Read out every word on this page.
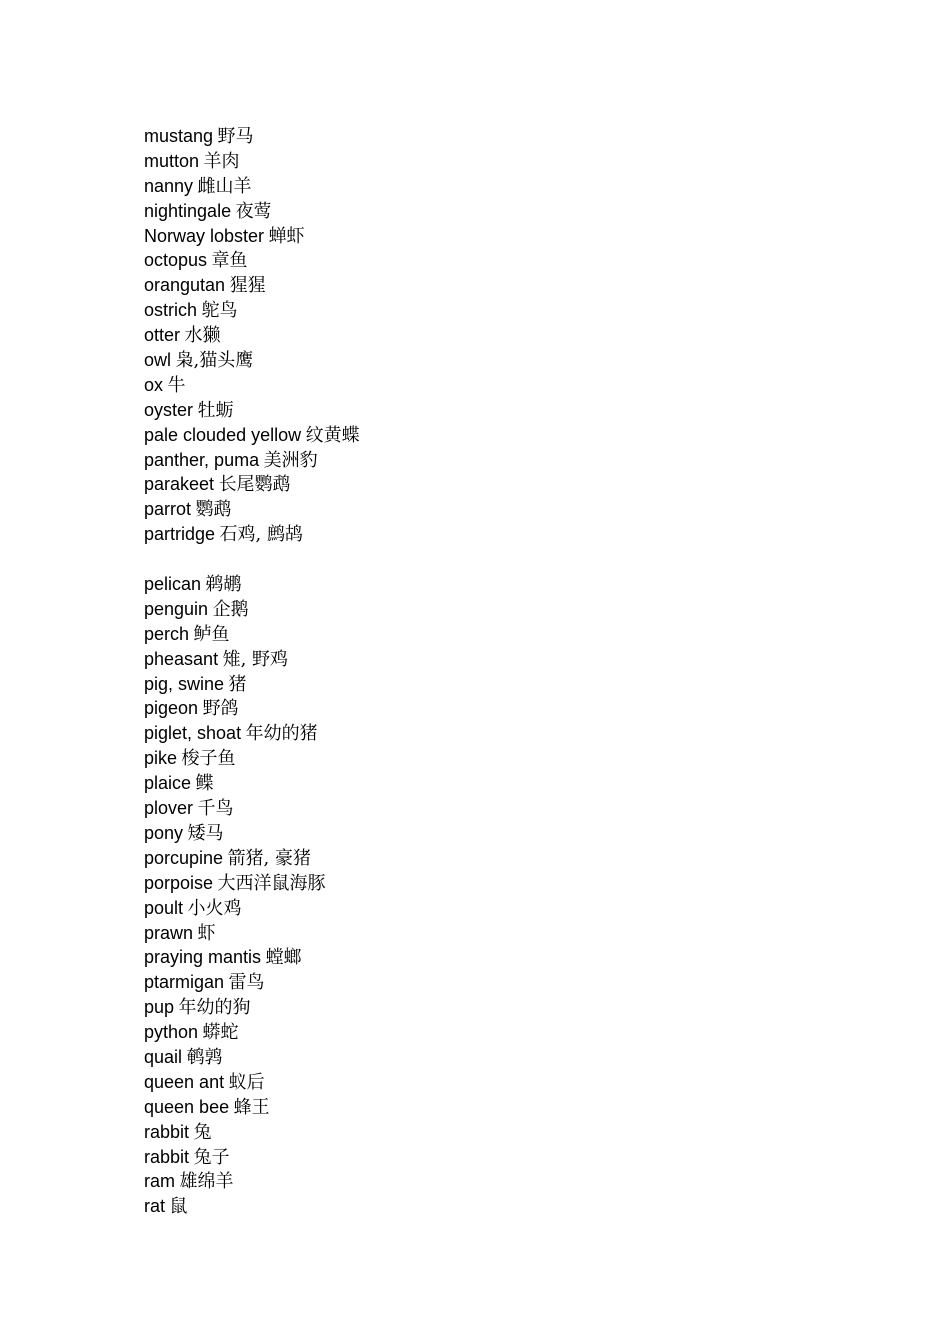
mustang 野马
mutton 羊肉
nanny 雌山羊
nightingale 夜莺
Norway lobster 蝉虾
octopus 章鱼
orangutan 猩猩
ostrich 鸵鸟
otter 水獭
owl 枭,猫头鹰
ox 牛
oyster 牡蛎
pale clouded yellow 纹黄蝶
panther, puma 美洲豹
parakeet 长尾鹦鹉
parrot 鹦鹉
partridge 石鸡, 鹧鸪
pelican 鹈鹕
penguin 企鹅
perch 鲈鱼
pheasant 雉, 野鸡
pig, swine 猪
pigeon 野鸽
piglet, shoat 年幼的猪
pike 梭子鱼
plaice 鲽
plover 千鸟
pony 矮马
porcupine 箭猪, 豪猪
porpoise 大西洋鼠海豚
poult 小火鸡
prawn 虾
praying mantis 螳螂
ptarmigan 雷鸟
pup 年幼的狗
python 蟒蛇
quail 鹌鹑
queen ant 蚁后
queen bee 蜂王
rabbit 兔
rabbit 兔子
ram 雄绵羊
rat 鼠
